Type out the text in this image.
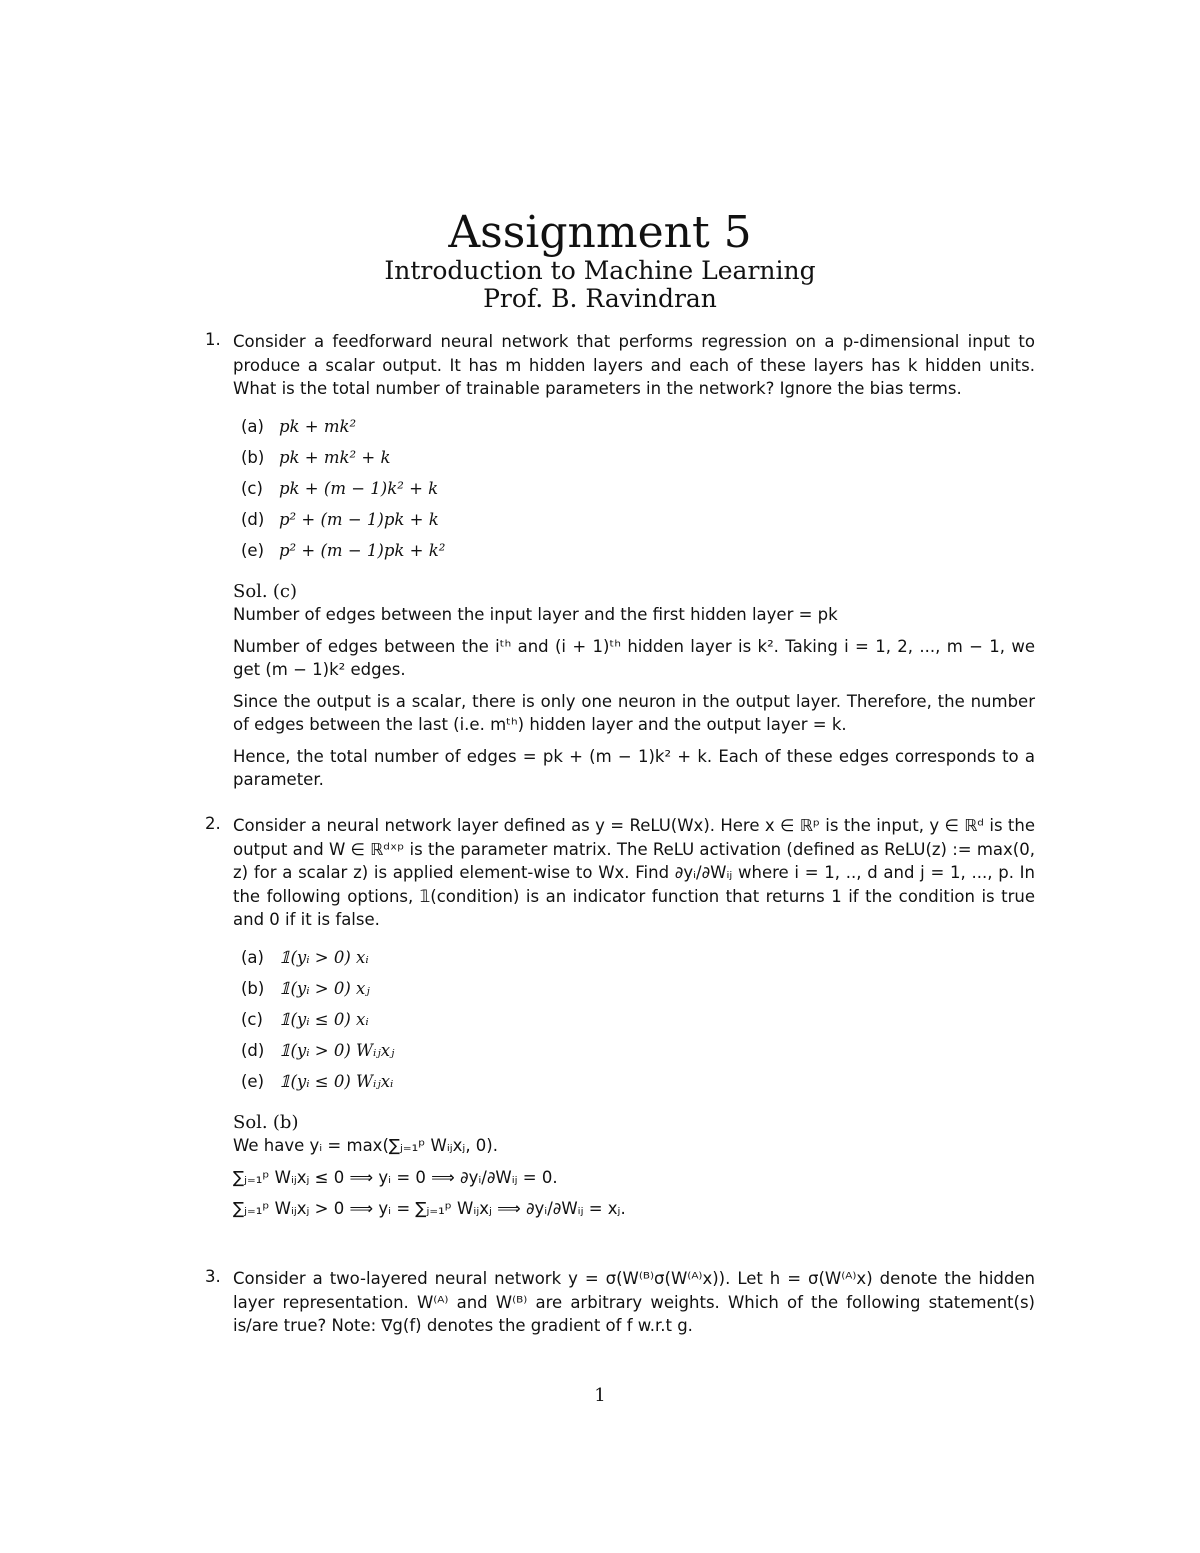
Assignment 5
Introduction to Machine Learning
Prof. B. Ravindran
1. Consider a feedforward neural network that performs regression on a p-dimensional input to produce a scalar output. It has m hidden layers and each of these layers has k hidden units. What is the total number of trainable parameters in the network? Ignore the bias terms.
(a) pk + mk²
(b) pk + mk² + k
(c) pk + (m − 1)k² + k
(d) p² + (m − 1)pk + k
(e) p² + (m − 1)pk + k²
Sol. (c)

Number of edges between the input layer and the first hidden layer = pk

Number of edges between the iᵗʰ and (i + 1)ᵗʰ hidden layer is k². Taking i = 1, 2, ..., m − 1, we get (m − 1)k² edges.

Since the output is a scalar, there is only one neuron in the output layer. Therefore, the number of edges between the last (i.e. mᵗʰ) hidden layer and the output layer = k.

Hence, the total number of edges = pk + (m − 1)k² + k. Each of these edges corresponds to a parameter.

2. Consider a neural network layer defined as y = ReLU(Wx). Here x ∈ ℝᵖ is the input, y ∈ ℝᵈ is the output and W ∈ ℝᵈˣᵖ is the parameter matrix. The ReLU activation (defined as ReLU(z) := max(0, z) for a scalar z) is applied element-wise to Wx. Find ∂yᵢ/∂Wᵢⱼ where i = 1, .., d and j = 1, ..., p. In the following options, 𝟙(condition) is an indicator function that returns 1 if the condition is true and 0 if it is false.
(a) 𝟙(yᵢ > 0) xᵢ
(b) 𝟙(yᵢ > 0) xⱼ
(c) 𝟙(yᵢ ≤ 0) xᵢ
(d) 𝟙(yᵢ > 0) Wᵢⱼxⱼ
(e) 𝟙(yᵢ ≤ 0) Wᵢⱼxᵢ
Sol. (b)

We have yᵢ = max(∑ⱼ₌₁ᵖ Wᵢⱼxⱼ, 0).

∑ⱼ₌₁ᵖ Wᵢⱼxⱼ ≤ 0 ⟹ yᵢ = 0 ⟹ ∂yᵢ/∂Wᵢⱼ = 0.

∑ⱼ₌₁ᵖ Wᵢⱼxⱼ > 0 ⟹ yᵢ = ∑ⱼ₌₁ᵖ Wᵢⱼxⱼ ⟹ ∂yᵢ/∂Wᵢⱼ = xⱼ.

3. Consider a two-layered neural network y = σ(W⁽ᴮ⁾σ(W⁽ᴬ⁾x)). Let h = σ(W⁽ᴬ⁾x) denote the hidden layer representation. W⁽ᴬ⁾ and W⁽ᴮ⁾ are arbitrary weights. Which of the following statement(s) is/are true? Note: ∇g(f) denotes the gradient of f w.r.t g.
1
